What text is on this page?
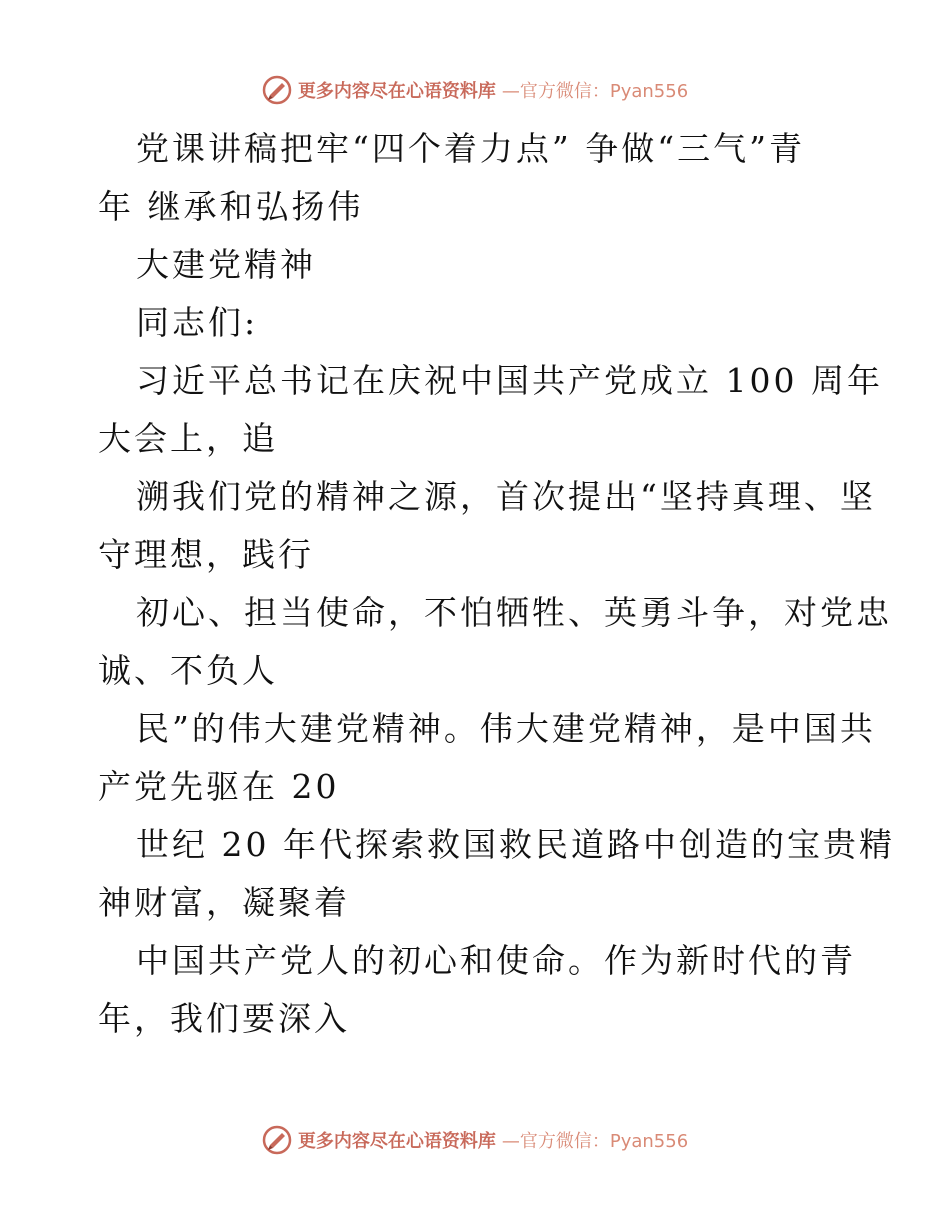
更多内容尽在心语资料库 —官方微信：Pyan556
党课讲稿把牢“四个着力点” 争做“三气”青
年 继承和弘扬伟
大建党精神
同志们:
习近平总书记在庆祝中国共产党成立 100 周年
大会上，追
溯我们党的精神之源，首次提出“坚持真理、坚
守理想，践行
初心、担当使命，不怕牺牲、英勇斗争，对党忠
诚、不负人
民”的伟大建党精神。伟大建党精神，是中国共
产党先驱在 20
世纪 20 年代探索救国救民道路中创造的宝贵精
神财富，凝聚着
中国共产党人的初心和使命。作为新时代的青
年，我们要深入
更多内容尽在心语资料库 —官方微信：Pyan556
